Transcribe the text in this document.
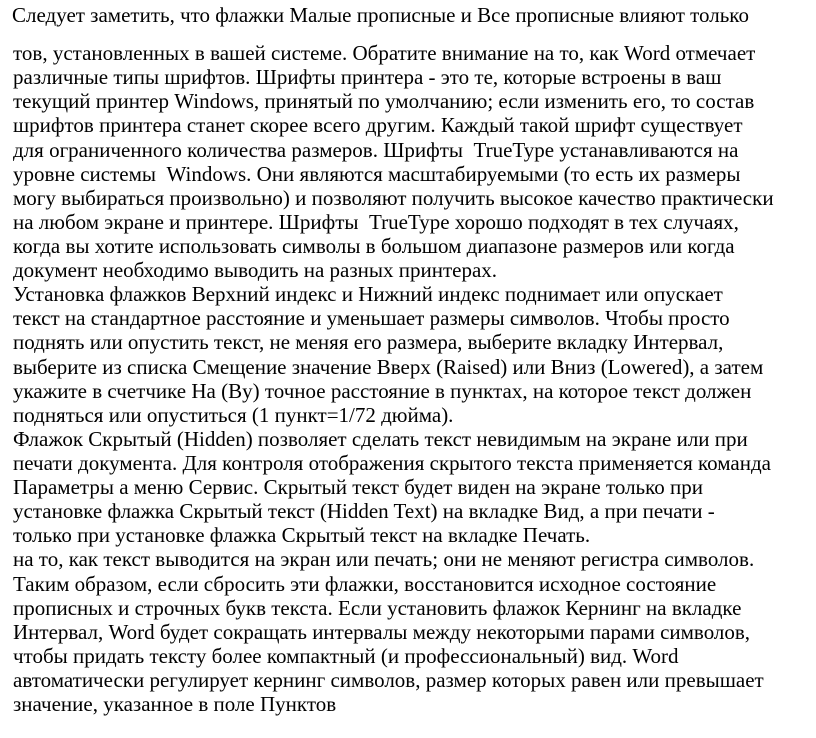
Следует заметить, что флажки Малые прописные и Все прописные влияют только

тов, установленных в вашей системе. Обратите внимание на то, как Word отмечает

различные типы шрифтов. Шрифты принтера - это те, которые встроены в ваш

текущий принтер Windows, принятый по умолчанию; если изменить его, то состав

шрифтов принтера станет скорее всего другим. Каждый такой шрифт существует

для ограниченного количества размеров. Шрифты  TrueType устанавливаются на

уровне системы  Windows. Они являются масштабируемыми (то есть их размеры

могу выбираться произвольно) и позволяют получить высокое качество практически

на любом экране и принтере. Шрифты  TrueType хорошо подходят в тех случаях,

когда вы хотите использовать символы в большом диапазоне размеров или когда

документ необходимо выводить на разных принтерах.

Установка флажков Верхний индекс и Нижний индекс поднимает или опускает

текст на стандартное расстояние и уменьшает размеры символов. Чтобы просто

поднять или опустить текст, не меняя его размера, выберите вкладку Интервал,

выберите из списка Смещение значение Вверх (Raised) или Вниз (Lowered), а затем

укажите в счетчике На (By) точное расстояние в пунктах, на которое текст должен

подняться или опуститься (1 пункт=1/72 дюйма).

Флажок Скрытый (Hidden) позволяет сделать текст невидимым на экране или при

печати документа. Для контроля отображения скрытого текста применяется команда

Параметры а меню Сервис. Скрытый текст будет виден на экране только при

установке флажка Скрытый текст (Hidden Text) на вкладке Вид, а при печати -

только при установке флажка Скрытый текст на вкладке Печать.

на то, как текст выводится на экран или печать; они не меняют регистра символов.

Таким образом, если сбросить эти флажки, восстановится исходное состояние

прописных и строчных букв текста. Если установить флажок Кернинг на вкладке

Интервал, Word будет сокращать интервалы между некоторыми парами символов,

чтобы придать тексту более компактный (и профессиональный) вид. Word

автоматически регулирует кернинг символов, размер которых равен или превышает

значение, указанное в поле Пунктов
